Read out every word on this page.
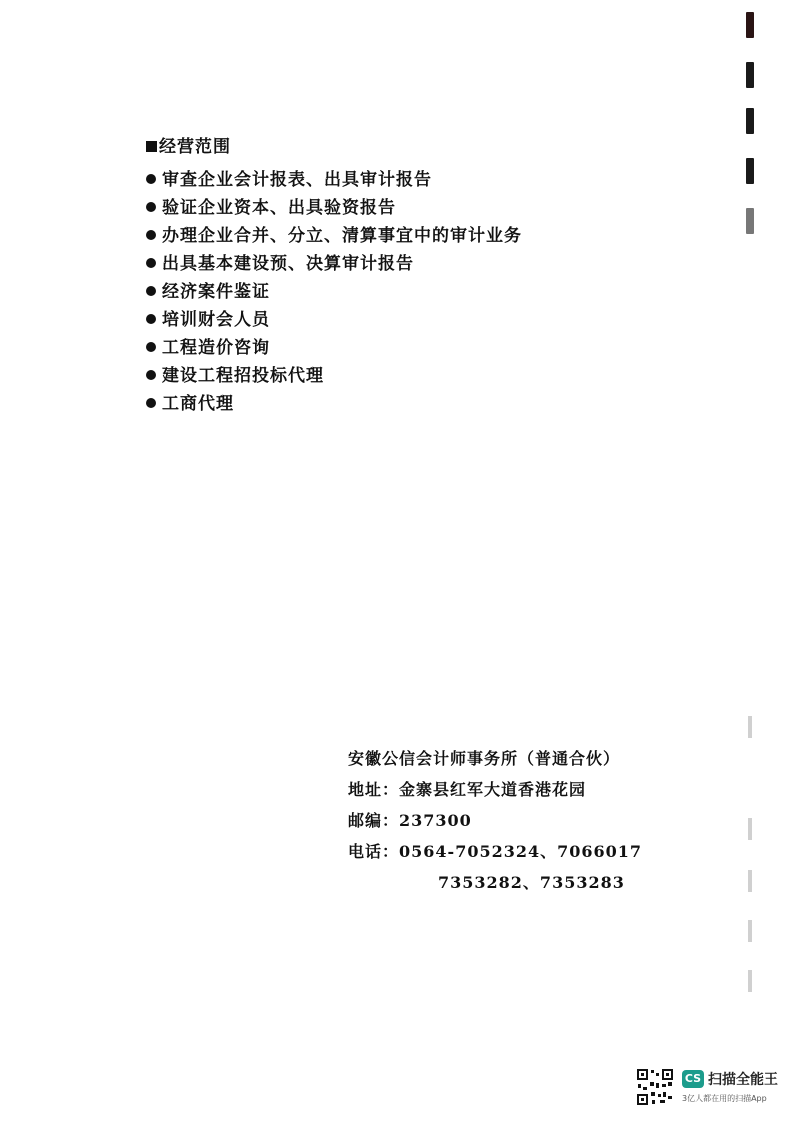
经营范围
审查企业会计报表、出具审计报告
验证企业资本、出具验资报告
办理企业合并、分立、清算事宜中的审计业务
出具基本建设预、决算审计报告
经济案件鉴证
培训财会人员
工程造价咨询
建设工程招投标代理
工商代理
安徽公信会计师事务所（普通合伙）
地址：金寨县红军大道香港花园
邮编：237300
电话：0564-7052324、7066017
7353282、7353283
CS 扫描全能王
3亿人都在用的扫描App
